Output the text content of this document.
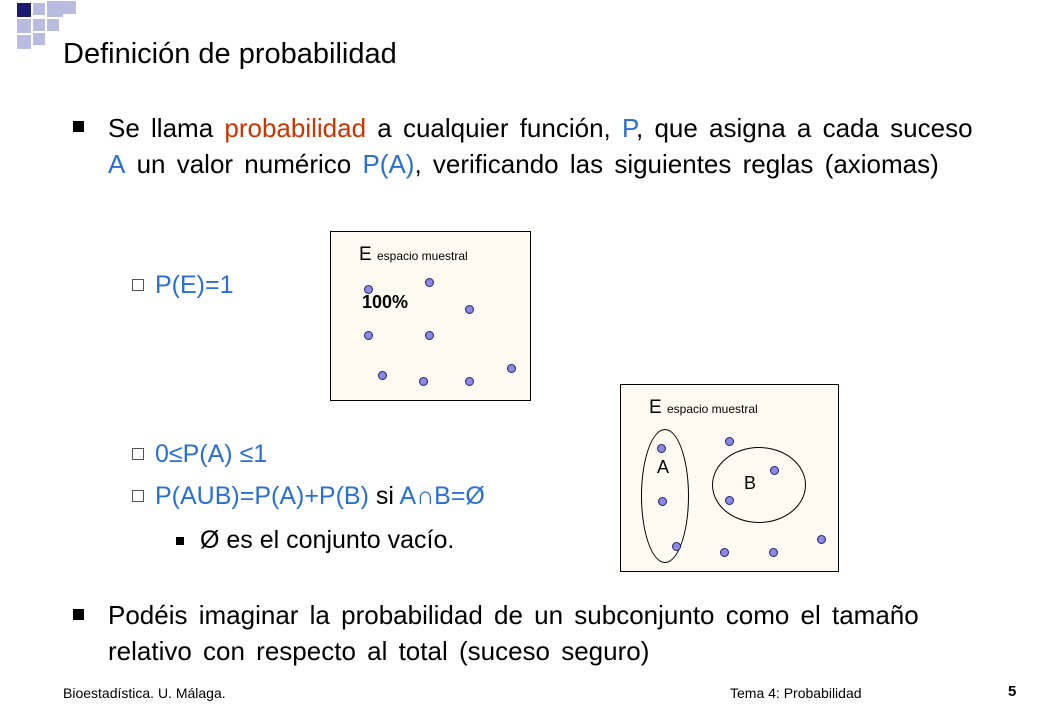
Definición de probabilidad
Se llama probabilidad a cualquier función, P, que asigna a cada suceso A un valor numérico P(A), verificando las siguientes reglas (axiomas)
P(E)=1
0≤P(A) ≤1
P(AUB)=P(A)+P(B) si A∩B=Ø
Ø es el conjunto vacío.
Podéis imaginar la probabilidad de un subconjunto como el tamaño relativo con respecto al total (suceso seguro)
E espacio muestral
100%
E espacio muestral
A
B
Bioestadística. U. Málaga.	Tema 4: Probabilidad	5
